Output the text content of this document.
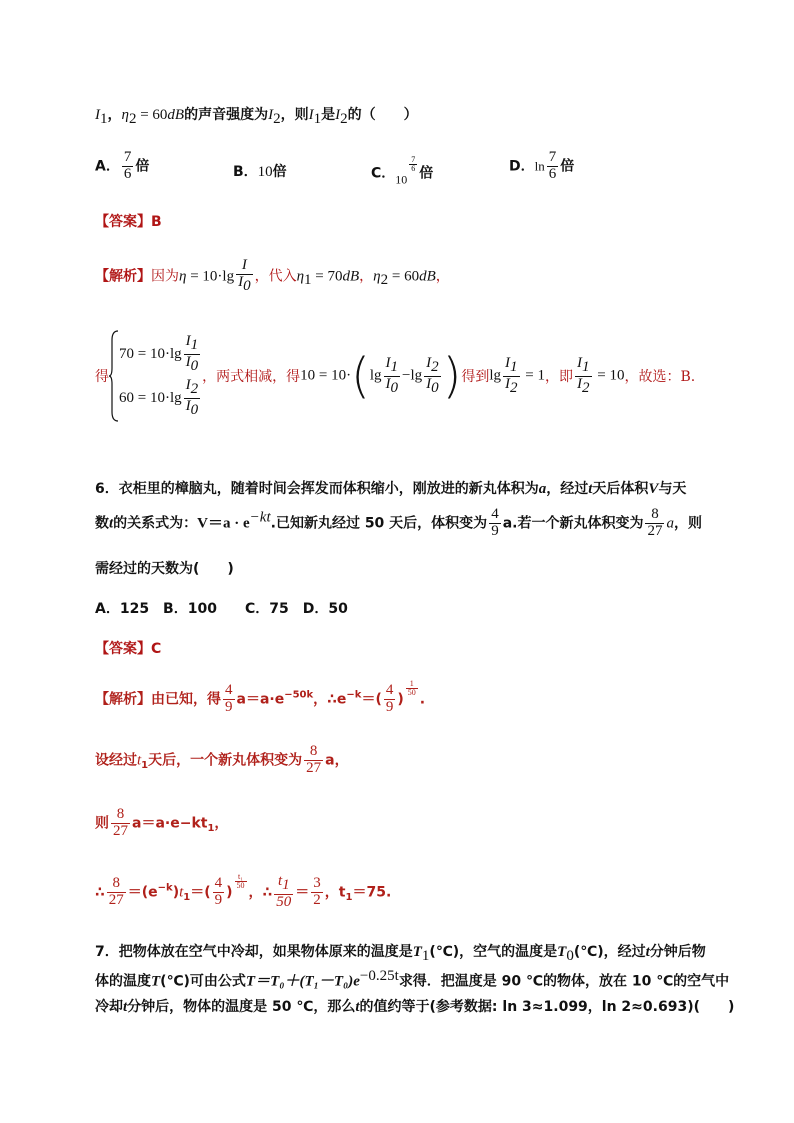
$I_1$，$\eta_2 = 60dB$的声音强度为$I_2$，则$I_1$是$I_2$的（　　）
A． $\frac{7}{6}$ 倍	B．10倍	C．10
$\frac{7}{6}$ 倍	D．$\ln \frac{7}{6}$ 倍
【答案】B
【解析】因为$\eta = 10\cdot\lg \frac{I}{I_0}$ ，代入$\eta_1 = 70dB$，$\eta_2 = 60dB$，
得
$70 = 10\cdot\lg \frac{I_1}{I_0}$
$60 = 10\cdot\lg \frac{I_2}{I_0}$
，两式相减，得$10 = 10\cdot(\lg \frac{I_1}{I_0} -\lg \frac{I_2}{I_0}$ )得到$\lg \frac{I_1}{I_2} = 1$，即 $\frac{I_1}{I_2} = 10$，故选：B.
6．衣柜里的樟脑丸，随着时间会挥发而体积缩小，刚放进的新丸体积为a，经过t天后体积V与天
数t的关系式为：$V=a \cdot e^{-kt}$.已知新丸经过 50 天后，体积变为 $\frac{4}{9} a$.若一个新丸体积变为 $\frac{8}{27}$ a，则
需经过的天数为(　　)
A．125　B．100　　C．75　D．50
【答案】C
【解析】由已知，得 $\frac{4}{9} a=a\cdot e^{-50k}$，$\therefore e^{-k}=( \frac{4}{9}$ )
$\frac{1}{50}$
.
设经过$t_1$天后，一个新丸体积变为 $\frac{8}{27}$ a，
则 $\frac{8}{27} a=a\cdot e-kt_1$，
∴ $\frac{8}{27} =(e^{-k})t_1=( \frac{4}{9}$ )
$\frac{\text{t₁}}{50}$
，∴ $\frac{t_1}{50} = \frac{3}{2}$ ，$t_1=75$.
7．把物体放在空气中冷却，如果物体原来的温度是$T_1(℃)$，空气的温度是$T_0(℃)$，经过t分钟后物
体的温度T(℃)可由公式$T=T_0+(T_1-T_0)e^{-0.25t}$求得．把温度是 90 ℃的物体，放在 10 ℃的空气中
冷却t分钟后，物体的温度是 50 ℃，那么t的值约等于(参考数据: ln 3≈1.099，ln 2≈0.693)(　　)
